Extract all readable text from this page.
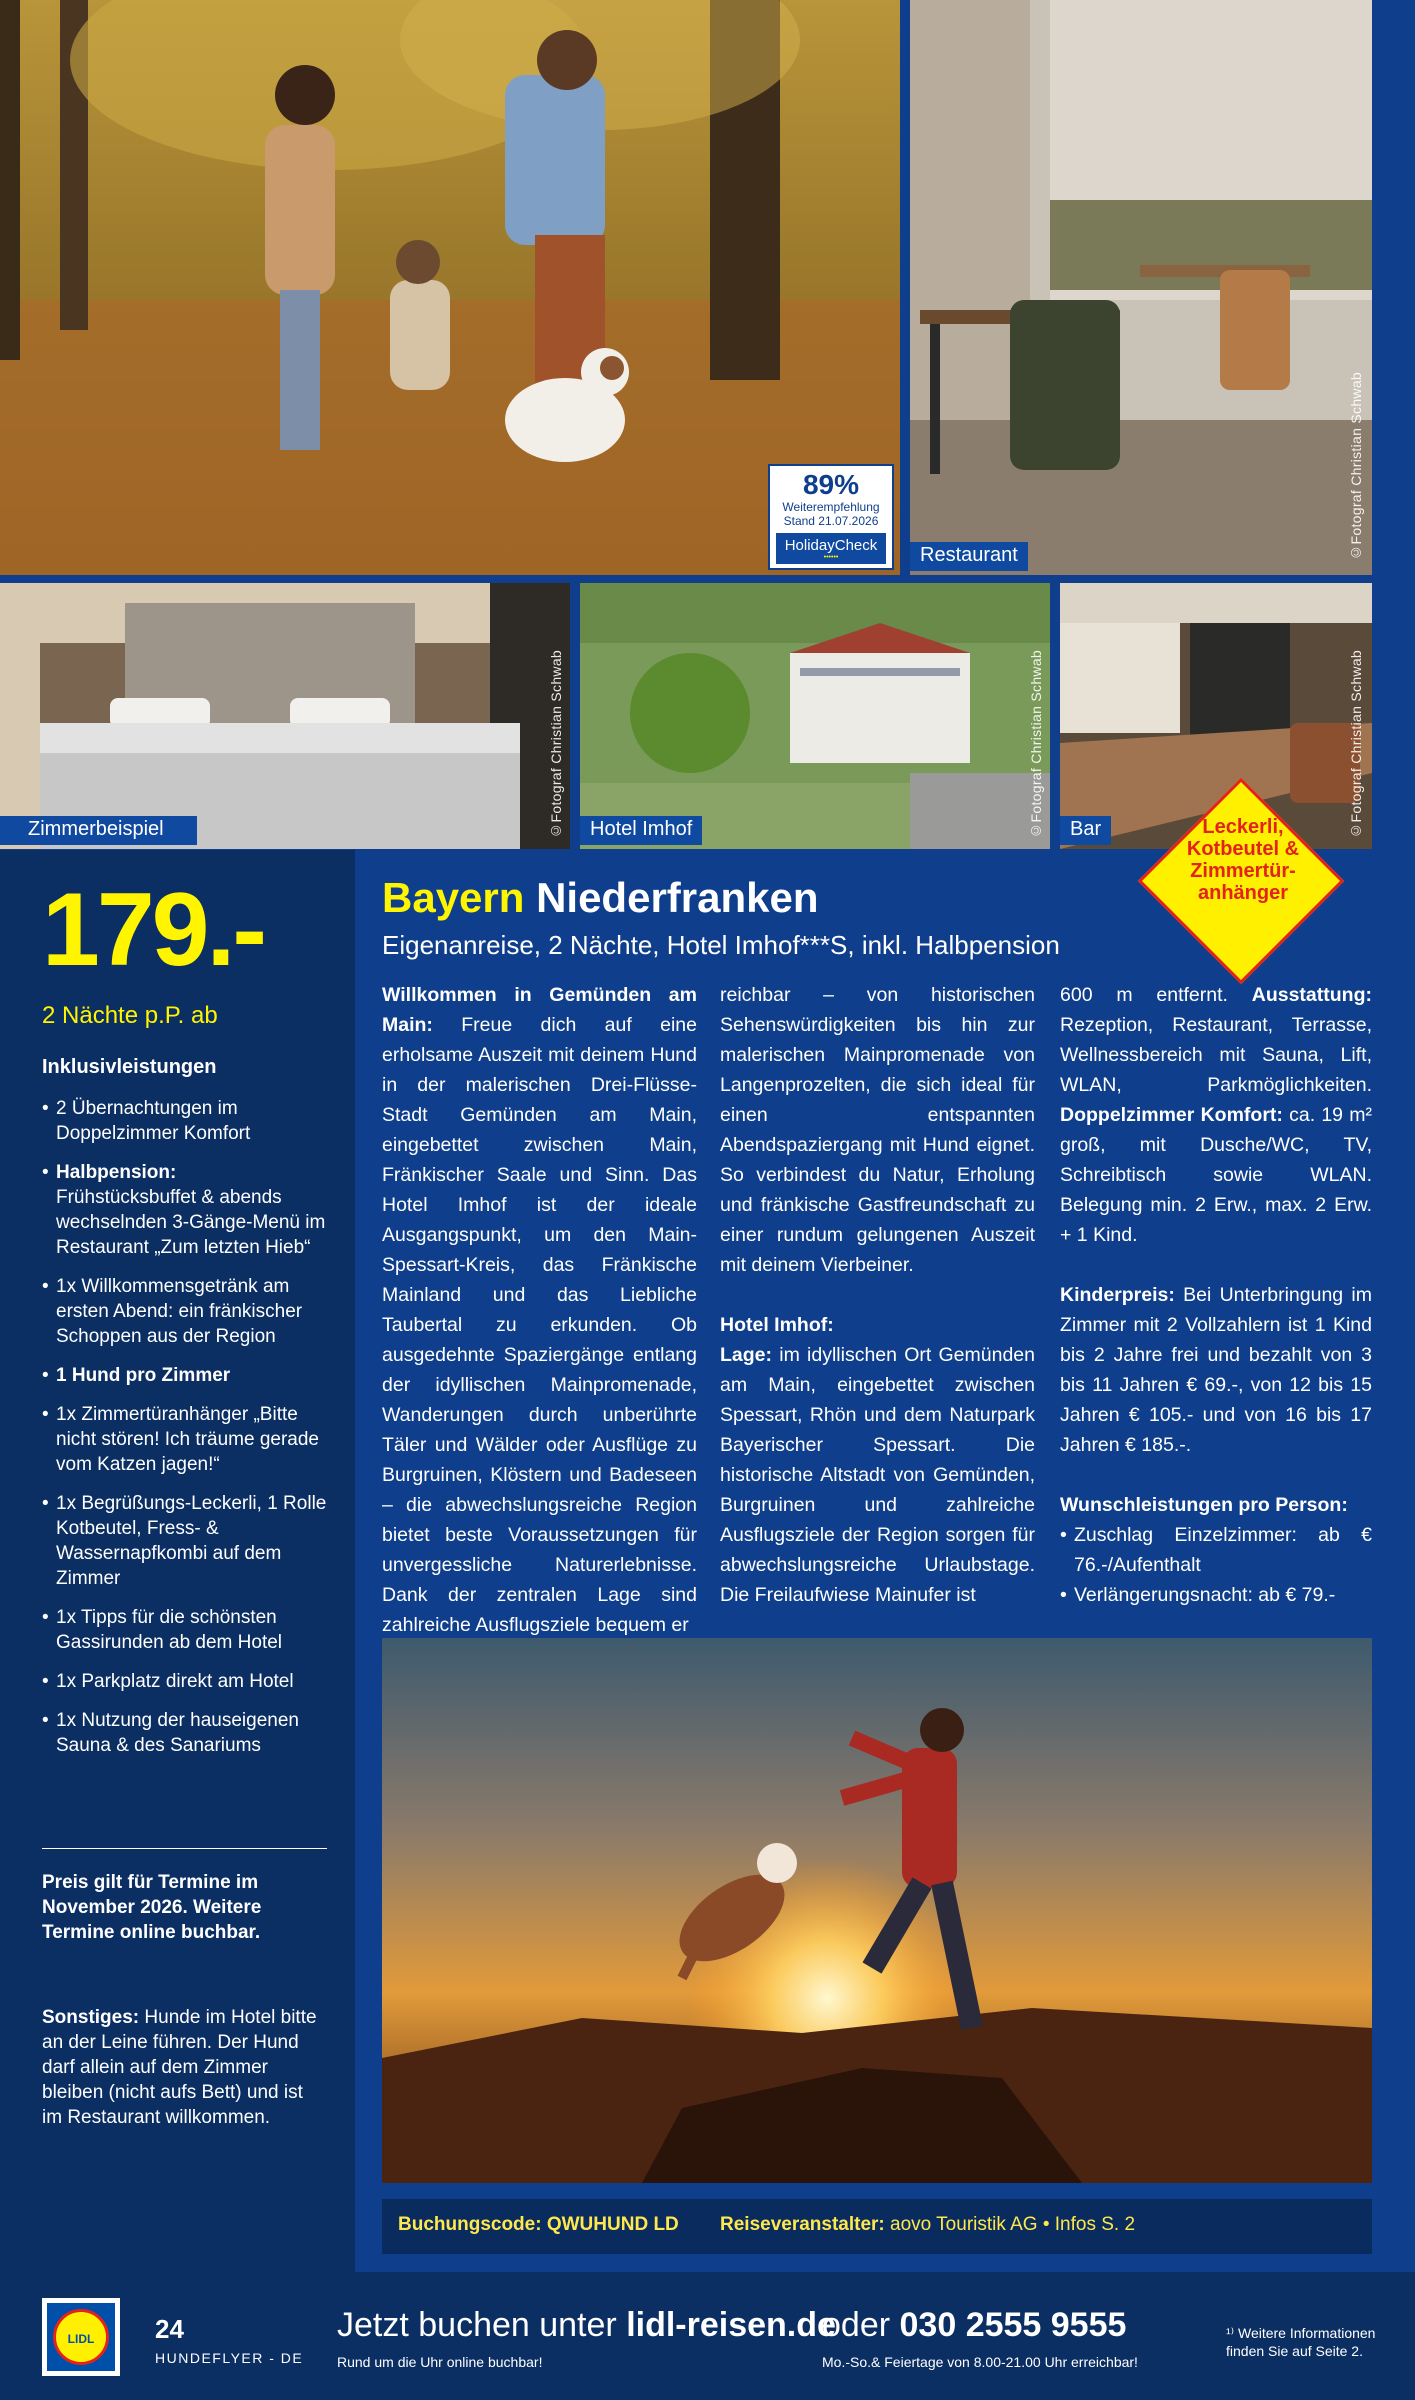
89%
Weiterempfehlung
Stand 21.07.2026
HolidayCheck
••••••	Restaurant	©Fotograf Christian Schwab
Zimmerbeispiel	©Fotograf Christian Schwab	Hotel Imhof	©Fotograf Christian Schwab	Bar	©Fotograf Christian Schwab
179.-
2 Nächte p.P. ab
Inklusivleistungen
• 2 Übernachtungen im Doppelzimmer Komfort
• Halbpension:
Frühstücksbuffet & abends wechselnden 3-Gänge-Menü im Restaurant „Zum letzten Hieb“
• 1x Willkommensgetränk am ersten Abend: ein fränkischer Schoppen aus der Region
• 1 Hund pro Zimmer
• 1x Zimmertüranhänger „Bitte nicht stören! Ich träume gerade vom Katzen jagen!“
• 1x Begrüßungs-Leckerli, 1 Rolle Kotbeutel, Fress- & Wassernapfkombi auf dem Zimmer
• 1x Tipps für die schönsten Gassirunden ab dem Hotel
• 1x Parkplatz direkt am Hotel
• 1x Nutzung der hauseigenen Sauna & des Sanariums
Preis gilt für Termine im November 2026. Weitere Termine online buchbar.
Sonstiges: Hunde im Hotel bitte an der Leine führen. Der Hund darf allein auf dem Zimmer bleiben (nicht aufs Bett) und ist im Restaurant willkommen.
Bayern Niederfranken
Eigenanreise, 2 Nächte, Hotel Imhof***S, inkl. Halbpension
Leckerli,
Kotbeutel &
Zimmertür-
anhänger
Willkommen in Gemünden am Main: Freue dich auf eine erholsame Auszeit mit deinem Hund in der malerischen Drei-Flüsse-Stadt Gemünden am Main, eingebettet zwischen Main, Fränkischer Saale und Sinn. Das Hotel Imhof ist der ideale Ausgangspunkt, um den Main-Spessart-Kreis, das Fränkische Mainland und das Liebliche Taubertal zu erkunden. Ob ausgedehnte Spaziergänge entlang der idyllischen Mainpromenade, Wanderungen durch unberührte Täler und Wälder oder Ausflüge zu Burgruinen, Klöstern und Badeseen – die abwechslungsreiche Region bietet beste Voraussetzungen für unvergessliche Naturerlebnisse. Dank der zentralen Lage sind zahlreiche Ausflugsziele bequem er

reichbar – von historischen Sehenswürdigkeiten bis hin zur malerischen Mainpromenade von Langenprozelten, die sich ideal für einen entspannten Abendspaziergang mit Hund eignet. So verbindest du Natur, Erholung und fränkische Gastfreundschaft zu einer rundum gelungenen Auszeit mit deinem Vierbeiner.

Hotel Imhof:
Lage: im idyllischen Ort Gemünden am Main, eingebettet zwischen Spessart, Rhön und dem Naturpark Bayerischer Spessart. Die historische Altstadt von Gemünden, Burgruinen und zahlreiche Ausflugsziele der Region sorgen für abwechslungsreiche Urlaubstage. Die Freilaufwiese Mainufer ist

600 m entfernt. Ausstattung: Rezeption, Restaurant, Terrasse, Wellnessbereich mit Sauna, Lift, WLAN, Parkmöglichkeiten. Doppelzimmer Komfort: ca. 19 m² groß, mit Dusche/WC, TV, Schreibtisch sowie WLAN. Belegung min. 2 Erw., max. 2 Erw. + 1 Kind.

Kinderpreis: Bei Unterbringung im Zimmer mit 2 Vollzahlern ist 1 Kind bis 2 Jahre frei und bezahlt von 3 bis 11 Jahren € 69.-, von 12 bis 15 Jahren € 105.- und von 16 bis 17 Jahren € 185.-.

Wunschleistungen pro Person:
• Zuschlag Einzelzimmer: ab € 76.-/Aufenthalt
• Verlängerungsnacht: ab € 79.-
Buchungscode: QWUHUND LD Reiseveranstalter: aovo Touristik AG • Infos S. 2
LIDL	24
HUNDEFLYER - DE
Jetzt buchen unter lidl-reisen.de
Rund um die Uhr online buchbar!
oder 030 2555 9555
Mo.-So.& Feiertage von 8.00-21.00 Uhr erreichbar!
¹⁾ Weitere Informationen finden Sie auf Seite 2.
